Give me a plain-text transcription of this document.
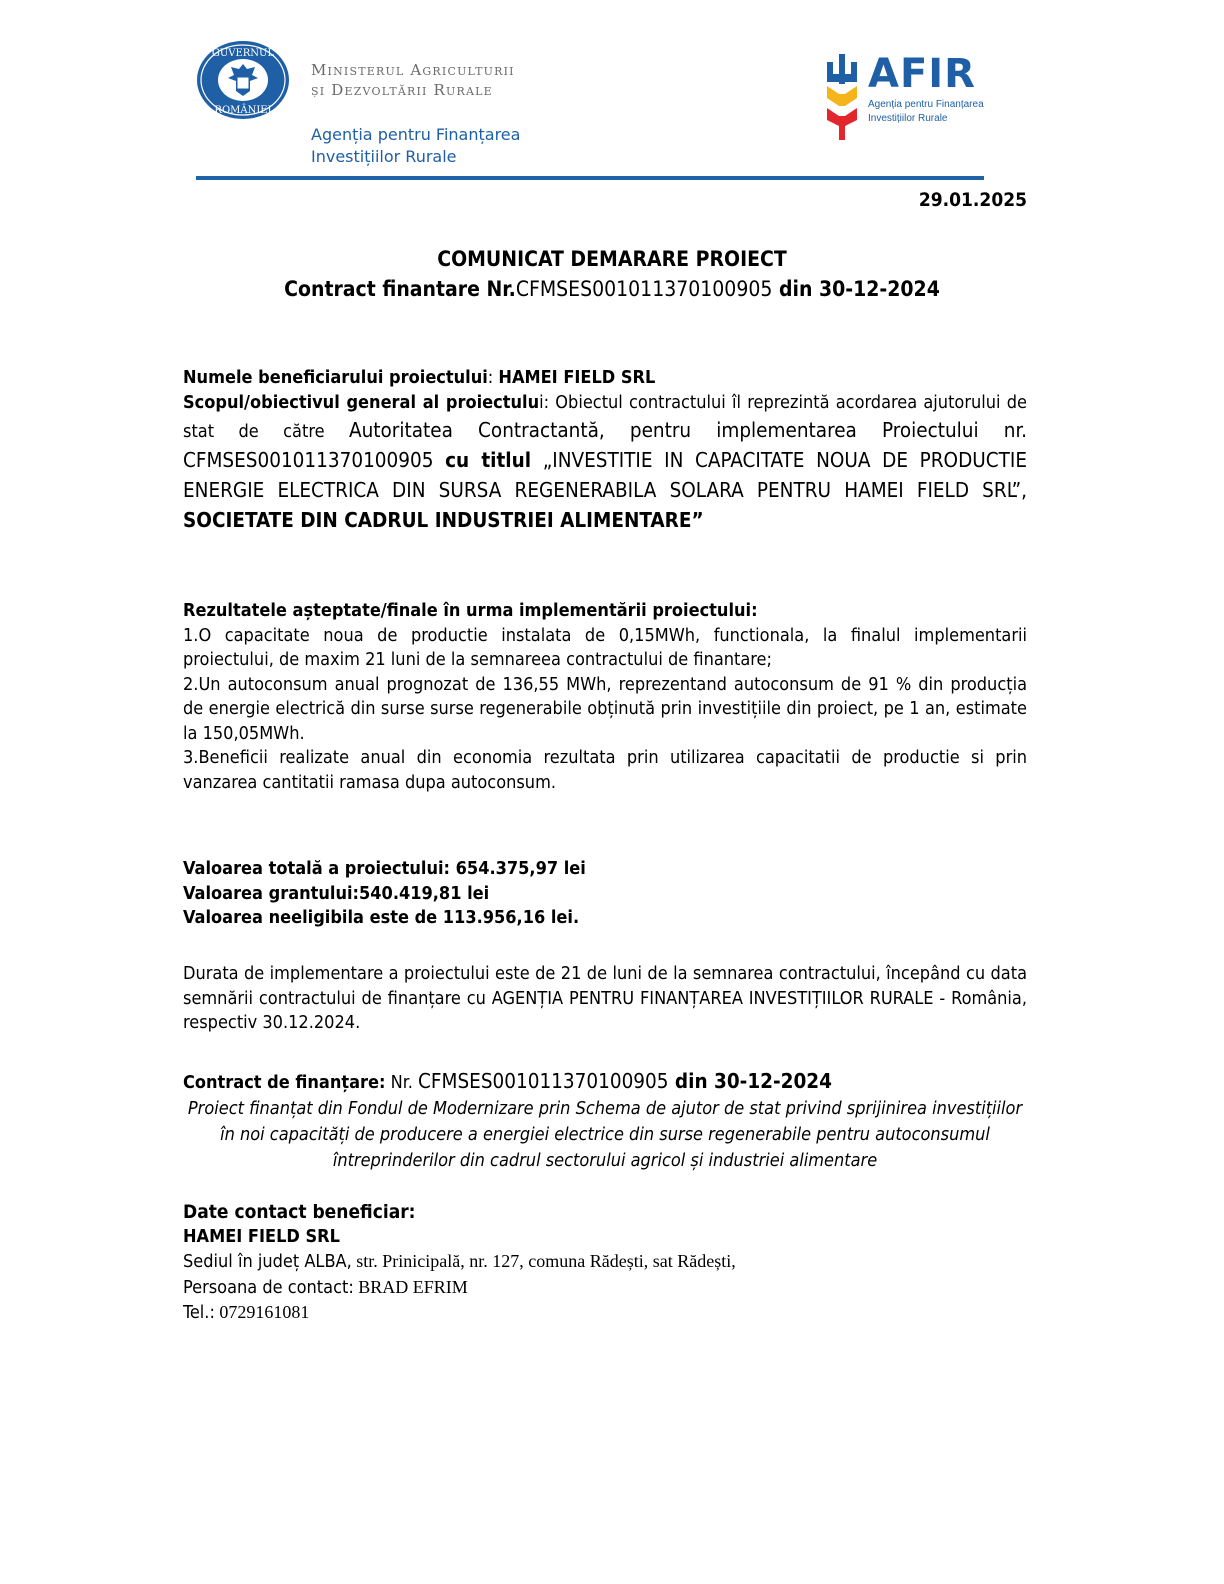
GUVERNUL
ROMÂNIEI
Ministerul Agriculturii
și Dezvoltării Rurale
Agenția pentru Finanțarea
Investițiilor Rurale
AFIR
Agenția pentru Finanțarea
Investițiilor Rurale
29.01.2025
COMUNICAT DEMARARE PROIECT
Contract finantare Nr.CFMSES001011370100905 din 30-12-2024

Numele beneficiarului proiectului: HAMEI FIELD SRL

Scopul/obiectivul general al proiectului: Obiectul contractului îl reprezintă acordarea ajutorului de stat de către Autoritatea Contractantă, pentru implementarea Proiectului nr. CFMSES001011370100905 cu titlul „INVESTITIE IN CAPACITATE NOUA DE PRODUCTIE ENERGIE ELECTRICA DIN SURSA REGENERABILA SOLARA PENTRU HAMEI FIELD SRL”, SOCIETATE DIN CADRUL INDUSTRIEI ALIMENTARE”

Rezultatele așteptate/finale în urma implementării proiectului:

1.O capacitate noua de productie instalata de 0,15MWh, functionala, la finalul implementarii proiectului, de maxim 21 luni de la semnareea contractului de finantare;

2.Un autoconsum anual prognozat de 136,55 MWh, reprezentand autoconsum de 91 % din producția de energie electrică din surse surse regenerabile obținută prin investițiile din proiect, pe 1 an, estimate la 150,05MWh.

3.Beneficii realizate anual din economia rezultata prin utilizarea capacitatii de productie si prin vanzarea cantitatii ramasa dupa autoconsum.

Valoarea totală a proiectului: 654.375,97 lei

Valoarea grantului:540.419,81 lei

Valoarea neeligibila este de 113.956,16 lei.

Durata de implementare a proiectului este de 21 de luni de la semnarea contractului, începând cu data semnării contractului de finanțare cu AGENȚIA PENTRU FINANȚAREA INVESTIȚIILOR RURALE - România, respectiv 30.12.2024.

Contract de finanțare: Nr. CFMSES001011370100905 din 30-12-2024

Proiect finanțat din Fondul de Modernizare prin Schema de ajutor de stat privind sprijinirea investițiilor în noi capacități de producere a energiei electrice din surse regenerabile pentru autoconsumul întreprinderilor din cadrul sectorului agricol și industriei alimentare

Date contact beneficiar:

HAMEI FIELD SRL

Sediul în județ ALBA, str. Prinicipală, nr. 127, comuna Rădești, sat Rădești,

Persoana de contact: BRAD EFRIM

Tel.: 0729161081
